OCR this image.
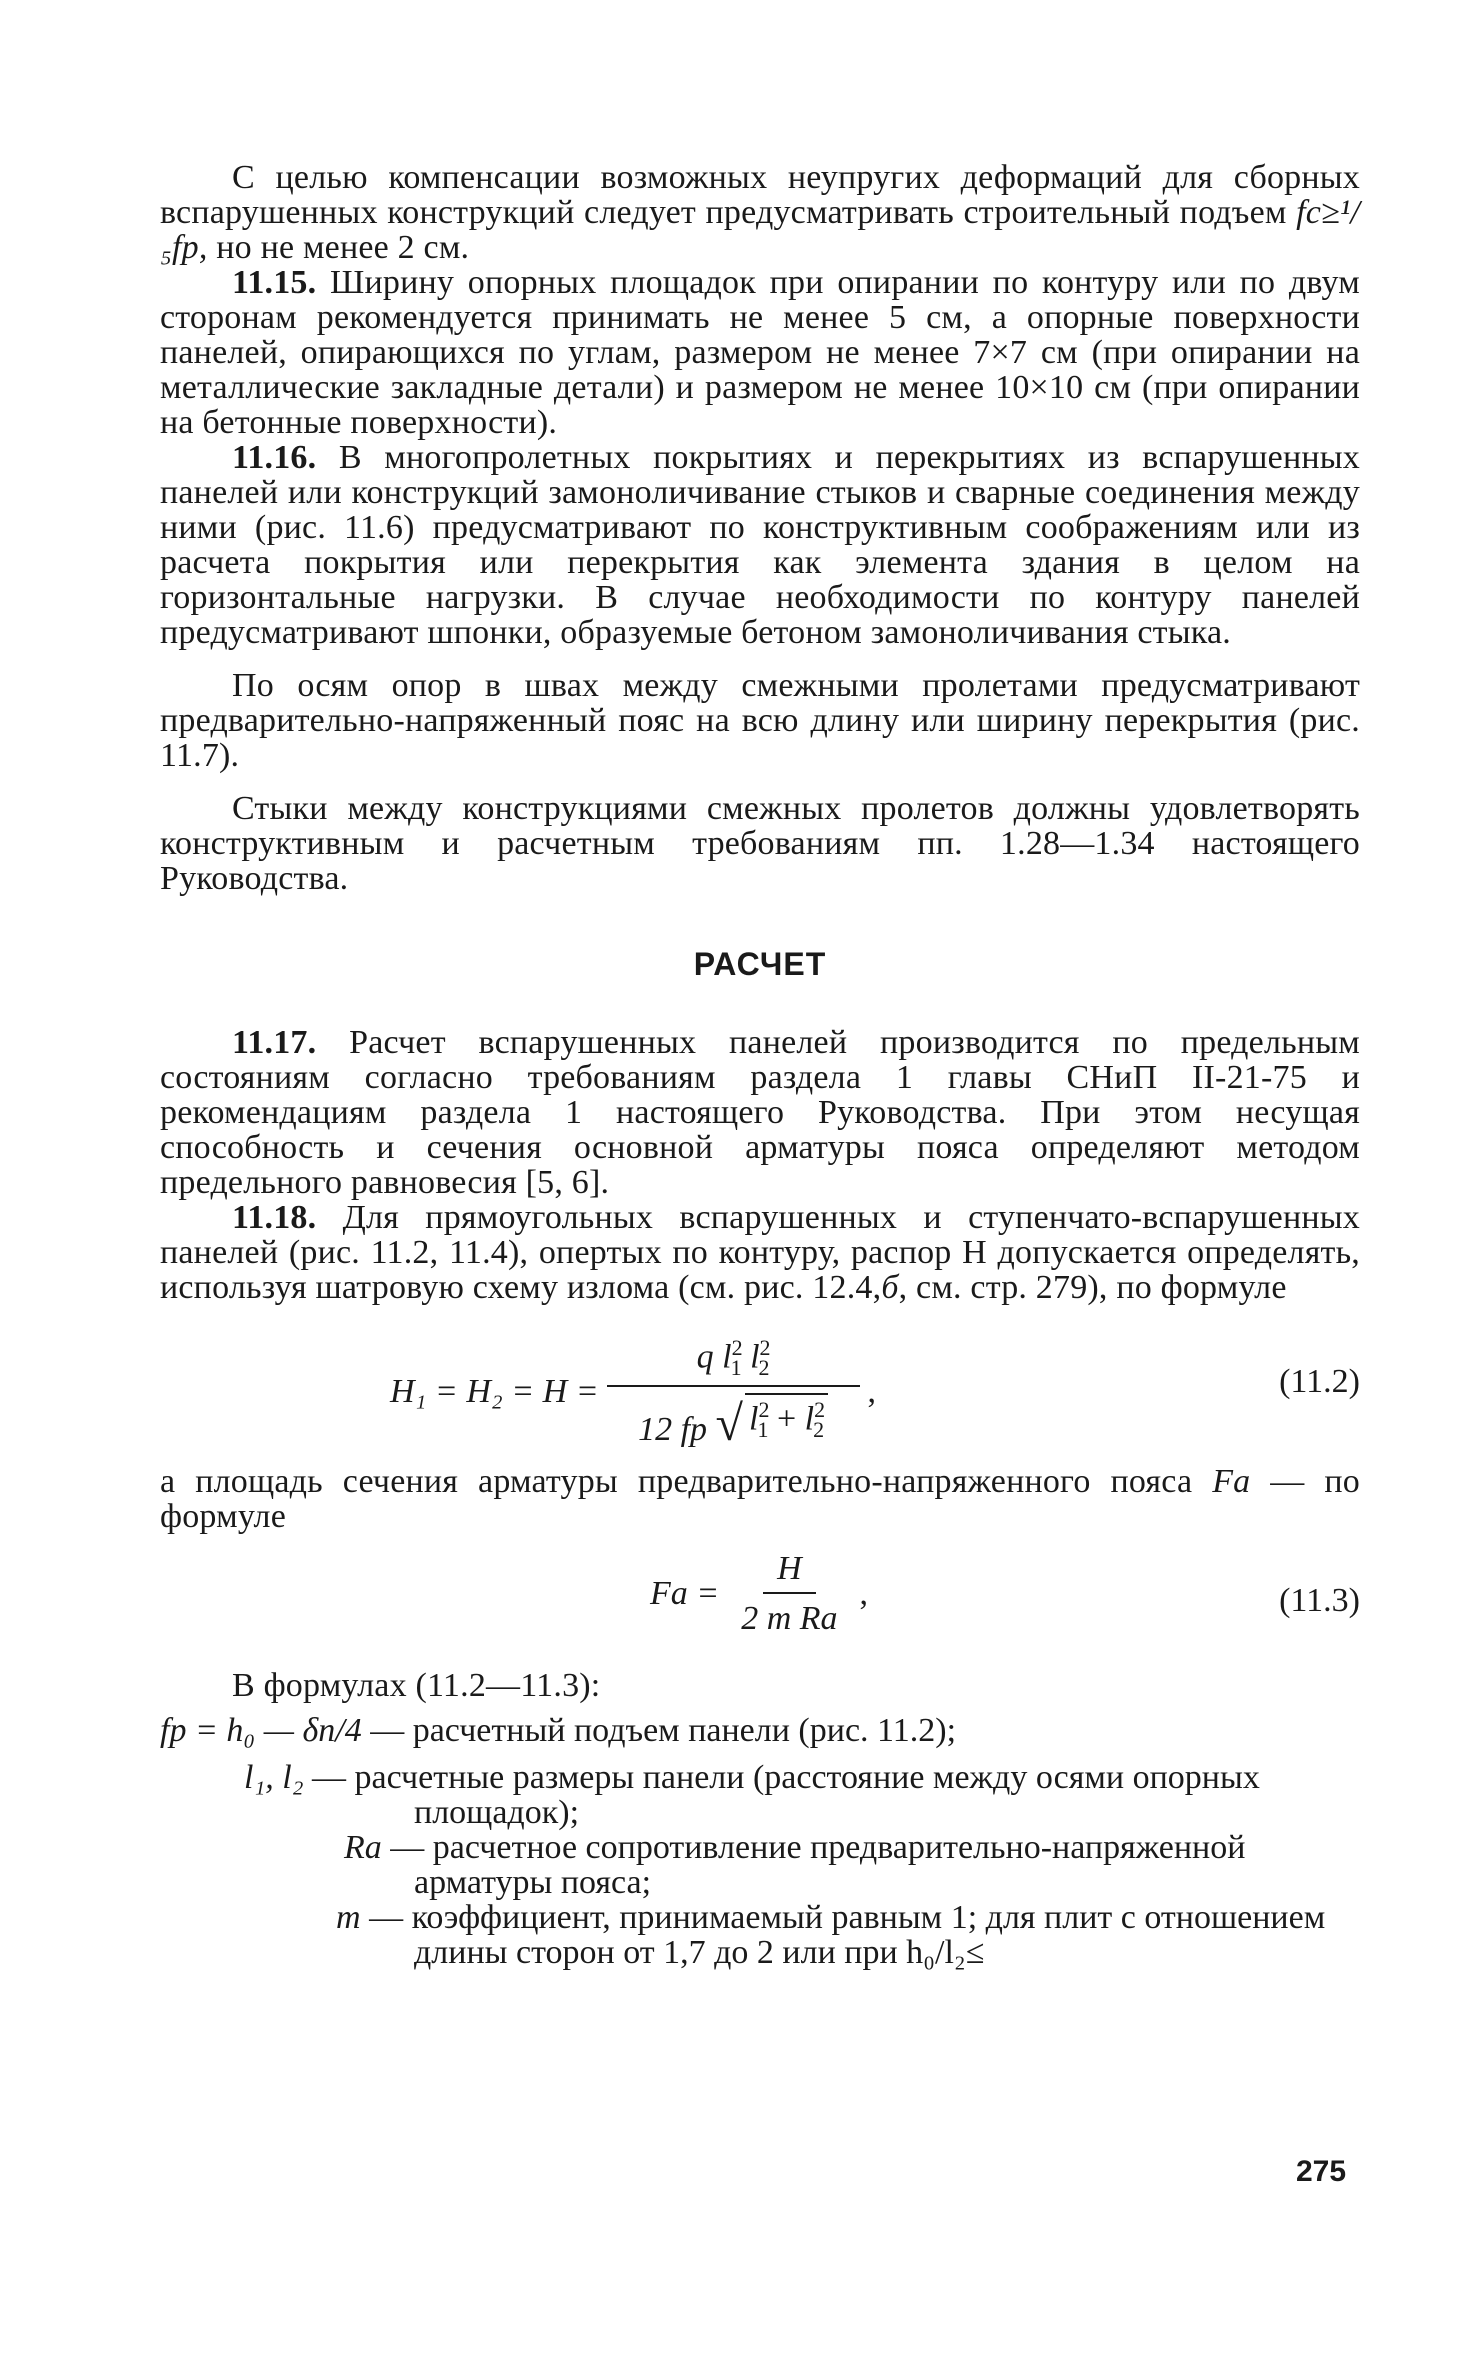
С целью компенсации возможных неупругих деформаций для сборных вспарушенных конструкций следует предусматривать строительный подъем fс≥¹/₅fр, но не менее 2 см.

11.15. Ширину опорных площадок при опирании по контуру или по двум сторонам рекомендуется принимать не менее 5 см, а опорные поверхности панелей, опирающихся по углам, размером не менее 7×7 см (при опирании на металлические закладные детали) и размером не менее 10×10 см (при опирании на бетонные поверхности).

11.16. В многопролетных покрытиях и перекрытиях из вспарушенных панелей или конструкций замоноличивание стыков и сварные соединения между ними (рис. 11.6) предусматривают по конструктивным соображениям или из расчета покрытия или перекрытия как элемента здания в целом на горизонтальные нагрузки. В случае необходимости по контуру панелей предусматривают шпонки, образуемые бетоном замоноличивания стыка.

По осям опор в швах между смежными пролетами предусматривают предварительно-напряженный пояс на всю длину или ширину перекрытия (рис. 11.7).

Стыки между конструкциями смежных пролетов должны удовлетворять конструктивным и расчетным требованиям пп. 1.28—1.34 настоящего Руководства.

РАСЧЕТ

11.17. Расчет вспарушенных панелей производится по предельным состояниям согласно требованиям раздела 1 главы СНиП II-21-75 и рекомендациям раздела 1 настоящего Руководства. При этом несущая способность и сечения основной арматуры пояса определяют методом предельного равновесия [5, 6].

11.18. Для прямоугольных вспарушенных и ступенчато-вспарушенных панелей (рис. 11.2, 11.4), опертых по контуру, распор Н допускается определять, используя шатровую схему излома (см. рис. 12.4,б, см. стр. 279), по формуле

$H_1 = H_2 = H = \frac{q l^2_1 l^2_2}{12 fр √ l^2_1 + l^2_2}$ ,	(11.2)

а площадь сечения арматуры предварительно-напряженного пояса Fа — по формуле

Fа = $\frac{H}{\text{2 m Rа}}$ ,	(11.3)

В формулах (11.2—11.3):

fр = h₀ — δп/4 — расчетный подъем панели (рис. 11.2);
l₁, l₂ — расчетные размеры панели (расстояние между осями опорных площадок);
Rа — расчетное сопротивление предварительно-напряженной арматуры пояса;
m — коэффициент, принимаемый равным 1; для плит с отношением длины сторон от 1,7 до 2 или при h₀/l₂≤
275
